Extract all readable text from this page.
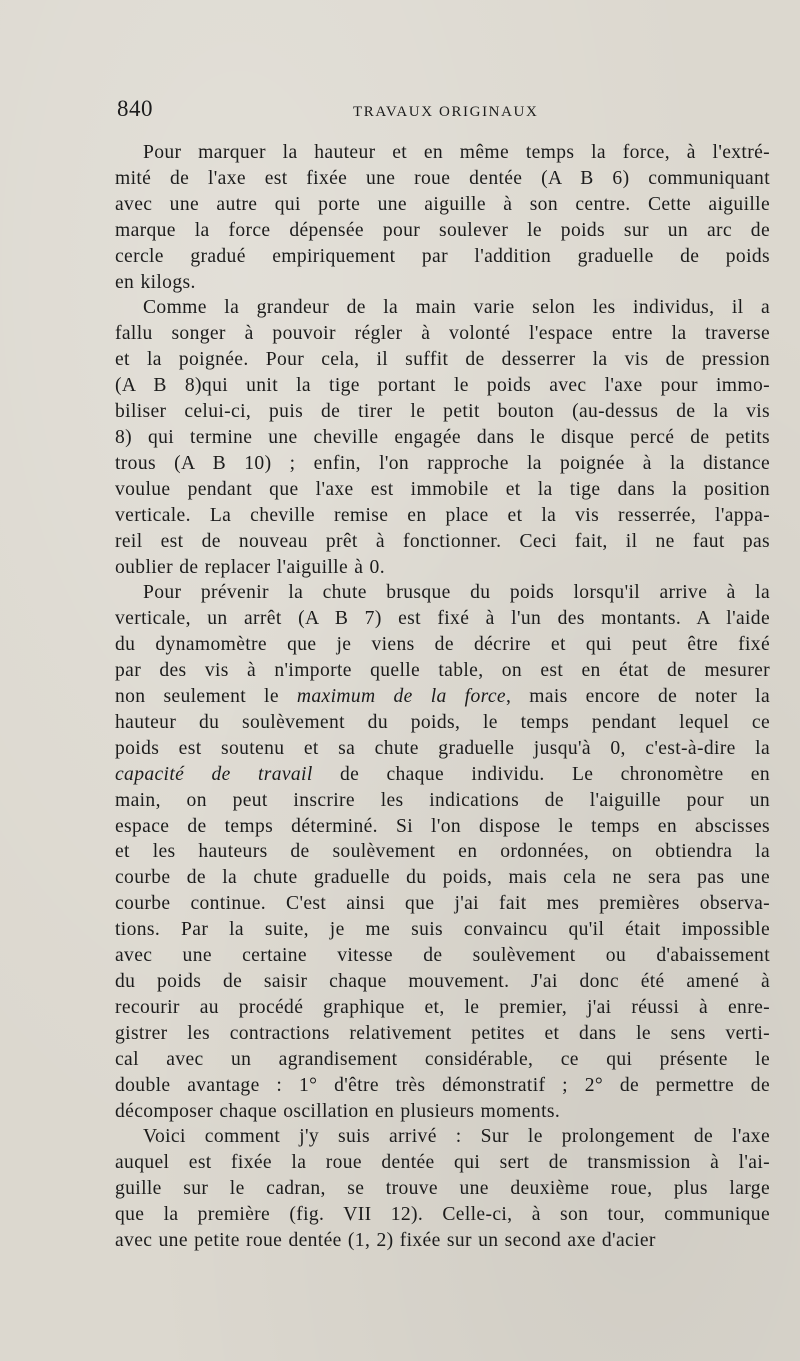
840	TRAVAUX ORIGINAUX

Pour marquer la hauteur et en même temps la force, à l'extré-
mité de l'axe est fixée une roue dentée (A B 6) communiquant
avec une autre qui porte une aiguille à son centre. Cette aiguille
marque la force dépensée pour soulever le poids sur un arc de
cercle gradué empiriquement par l'addition graduelle de poids
en kilogs.

Comme la grandeur de la main varie selon les individus, il a
fallu songer à pouvoir régler à volonté l'espace entre la traverse
et la poignée. Pour cela, il suffit de desserrer la vis de pression
(A B 8)qui unit la tige portant le poids avec l'axe pour immo-
biliser celui-ci, puis de tirer le petit bouton (au-dessus de la vis
8) qui termine une cheville engagée dans le disque percé de petits
trous (A B 10) ; enfin, l'on rapproche la poignée à la distance
voulue pendant que l'axe est immobile et la tige dans la position
verticale. La cheville remise en place et la vis resserrée, l'appa-
reil est de nouveau prêt à fonctionner. Ceci fait, il ne faut pas
oublier de replacer l'aiguille à 0.

Pour prévenir la chute brusque du poids lorsqu'il arrive à la
verticale, un arrêt (A B 7) est fixé à l'un des montants. A l'aide
du dynamomètre que je viens de décrire et qui peut être fixé
par des vis à n'importe quelle table, on est en état de mesurer
non seulement le maximum de la force, mais encore de noter la
hauteur du soulèvement du poids, le temps pendant lequel ce
poids est soutenu et sa chute graduelle jusqu'à 0, c'est-à-dire la
capacité de travail de chaque individu. Le chronomètre en
main, on peut inscrire les indications de l'aiguille pour un
espace de temps déterminé. Si l'on dispose le temps en abscisses
et les hauteurs de soulèvement en ordonnées, on obtiendra la
courbe de la chute graduelle du poids, mais cela ne sera pas une
courbe continue. C'est ainsi que j'ai fait mes premières observa-
tions. Par la suite, je me suis convaincu qu'il était impossible
avec une certaine vitesse de soulèvement ou d'abaissement
du poids de saisir chaque mouvement. J'ai donc été amené à
recourir au procédé graphique et, le premier, j'ai réussi à enre-
gistrer les contractions relativement petites et dans le sens verti-
cal avec un agrandisement considérable, ce qui présente le
double avantage : 1° d'être très démonstratif ; 2° de permettre de
décomposer chaque oscillation en plusieurs moments.

Voici comment j'y suis arrivé : Sur le prolongement de l'axe
auquel est fixée la roue dentée qui sert de transmission à l'ai-
guille sur le cadran, se trouve une deuxième roue, plus large
que la première (fig. VII 12). Celle-ci, à son tour, communique
avec une petite roue dentée (1, 2) fixée sur un second axe d'acier
